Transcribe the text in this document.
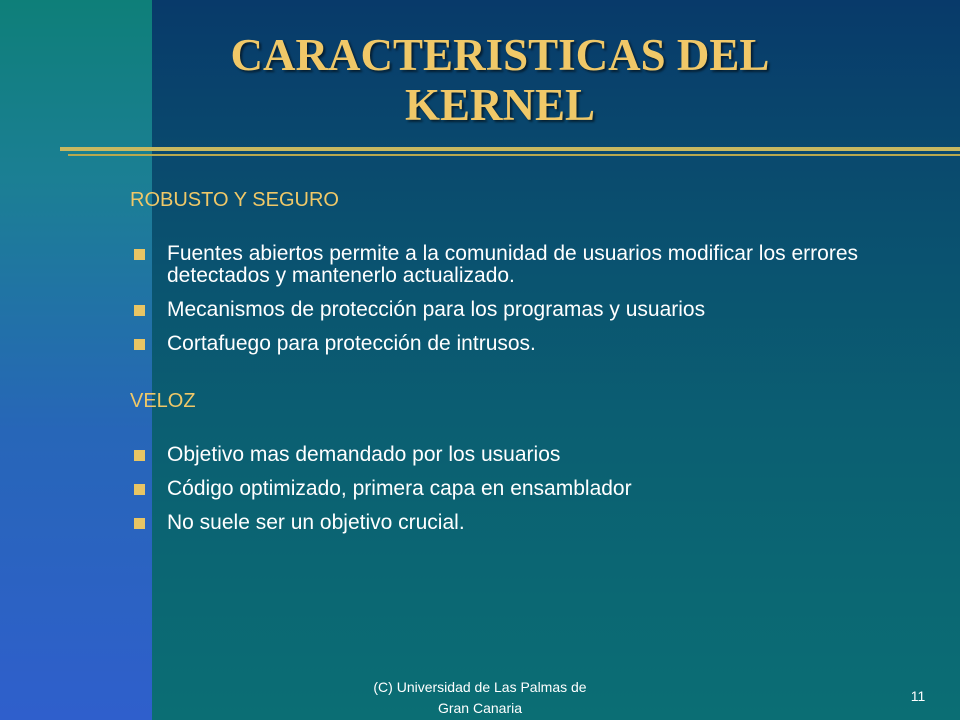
CARACTERISTICAS DEL
KERNEL
ROBUSTO Y SEGURO
Fuentes abiertos permite a la comunidad de usuarios modificar los errores detectados y mantenerlo actualizado.
Mecanismos de protección para los programas y usuarios
Cortafuego para protección de intrusos.
VELOZ
Objetivo mas demandado por los usuarios
Código optimizado, primera capa en ensamblador
No suele ser un objetivo crucial.
(C) Universidad de Las Palmas de
Gran Canaria
11
